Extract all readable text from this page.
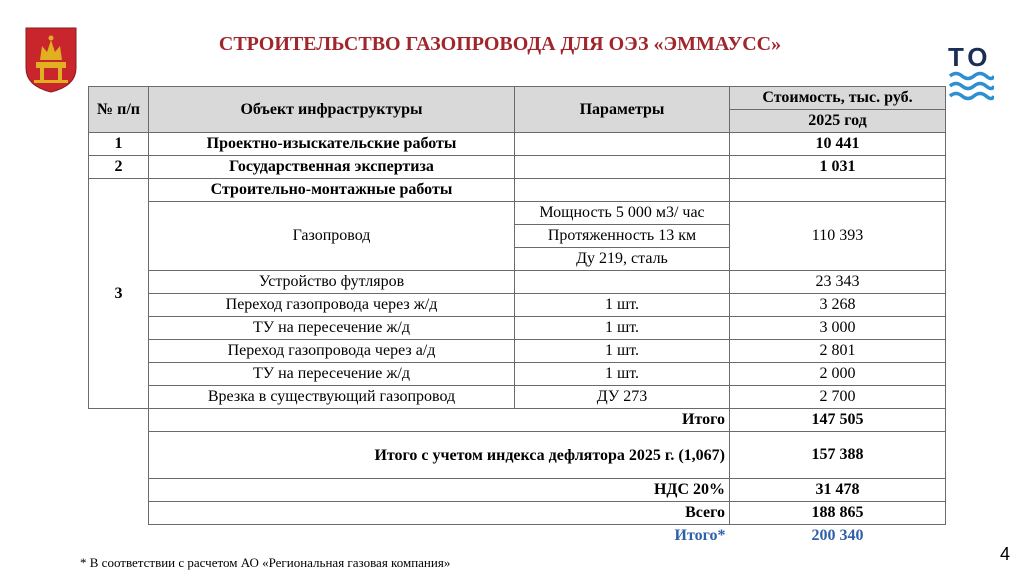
СТРОИТЕЛЬСТВО ГАЗОПРОВОДА ДЛЯ ОЭЗ «ЭММАУСС»	ТО
№ п/п	Объект инфраструктуры	Параметры	Стоимость, тыс. руб.
			2025 год
1	Проектно-изыскательские работы		10 441
2	Государственная экспертиза		1 031
3	Строительно-монтажные работы		
	Газопровод	Мощность 5 000 м3/ час	110 393
		Протяженность 13 км	
		Ду 219, сталь	
	Устройство футляров		23 343
	Переход газопровода через ж/д	1 шт.	3 268
	ТУ на пересечение ж/д	1 шт.	3 000
	Переход газопровода через а/д	1 шт.	2 801
	ТУ на пересечение ж/д	1 шт.	2 000
	Врезка в существующий газопровод	ДУ 273	2 700
	Итого		147 505
	Итого с учетом индекса дефлятора 2025 г. (1,067)		157 388
	НДС 20%		31 478
	Всего		188 865
	Итого*		200 340
* В соответствии с расчетом АО «Региональная газовая компания»	4
